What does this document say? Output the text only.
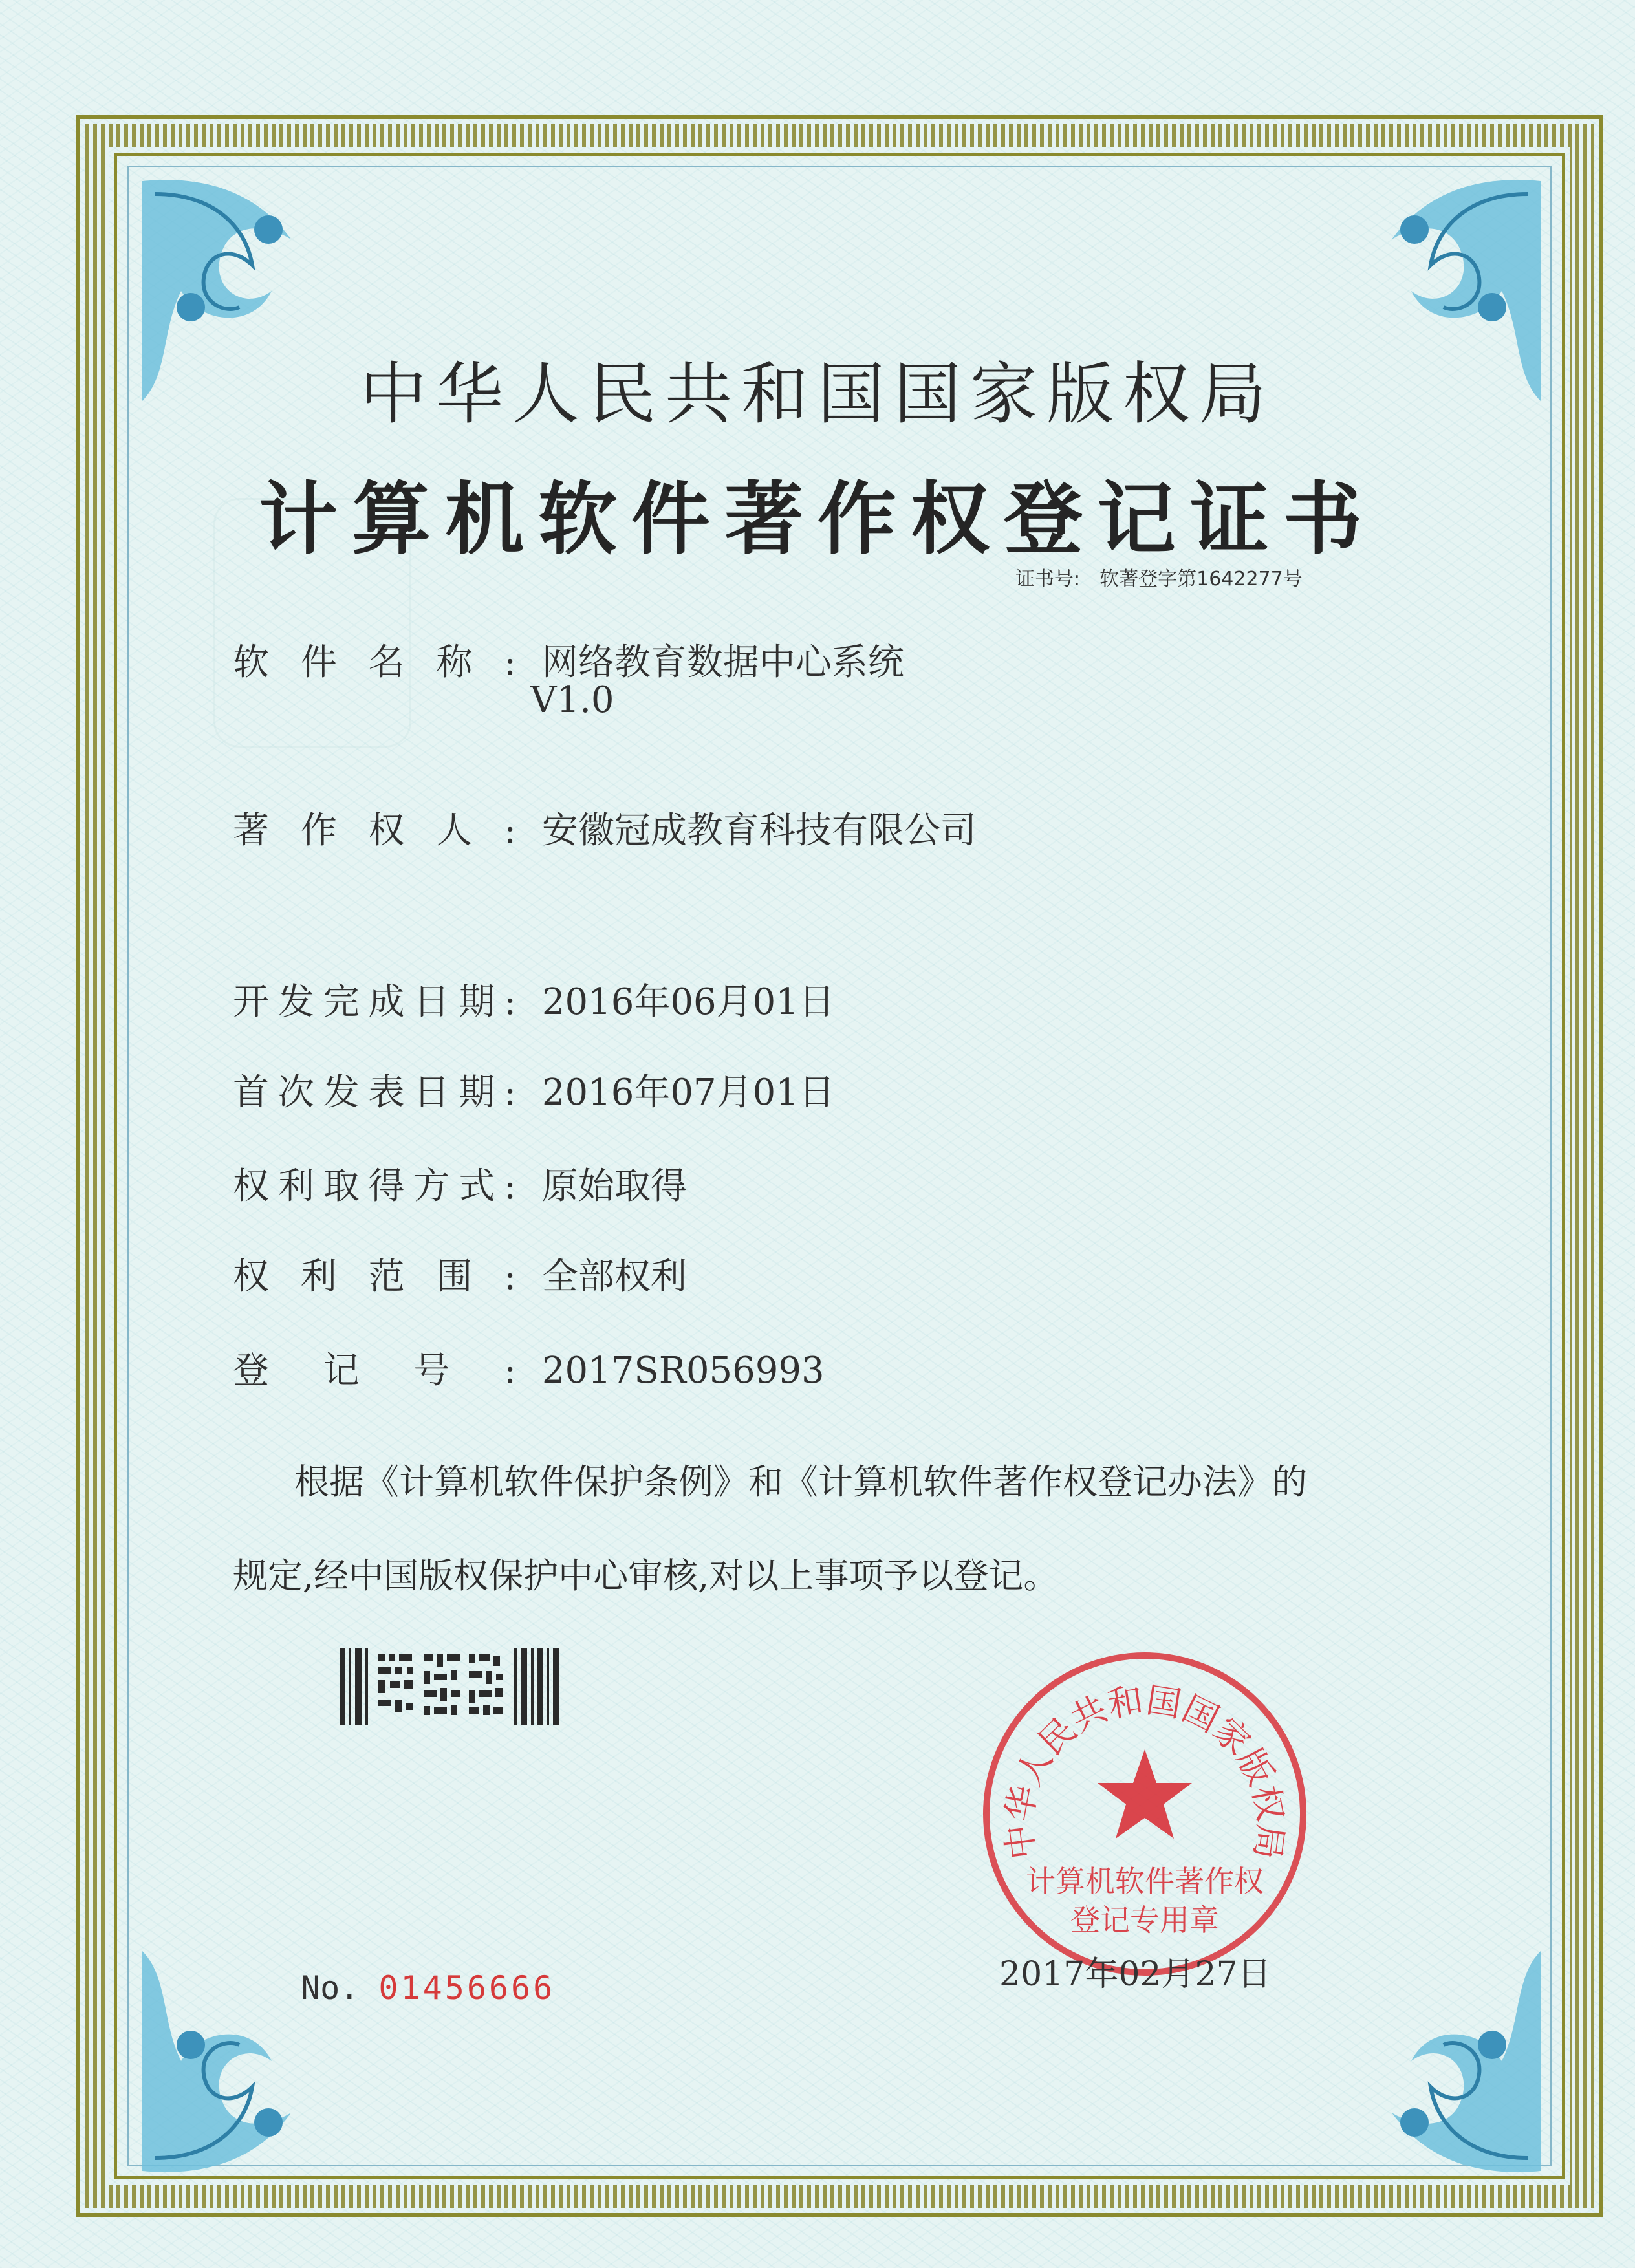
中华人民共和国国家版权局
计算机软件著作权登记证书
证书号: 软著登字第1642277号
软件名称: 网络教育数据中心系统
V1.0
著作权人: 安徽冠成教育科技有限公司
开发完成日期: 2016年06月01日
首次发表日期: 2016年07月01日
权利取得方式: 原始取得
权利范围: 全部权利
登记号: 2017SR056993
根据《计算机软件保护条例》和《计算机软件著作权登记办法》的
规定,经中国版权保护中心审核,对以上事项予以登记。
No. 01456666
中华人民共和国国家版权局
计算机软件著作权
登记专用章
2017年02月27日
